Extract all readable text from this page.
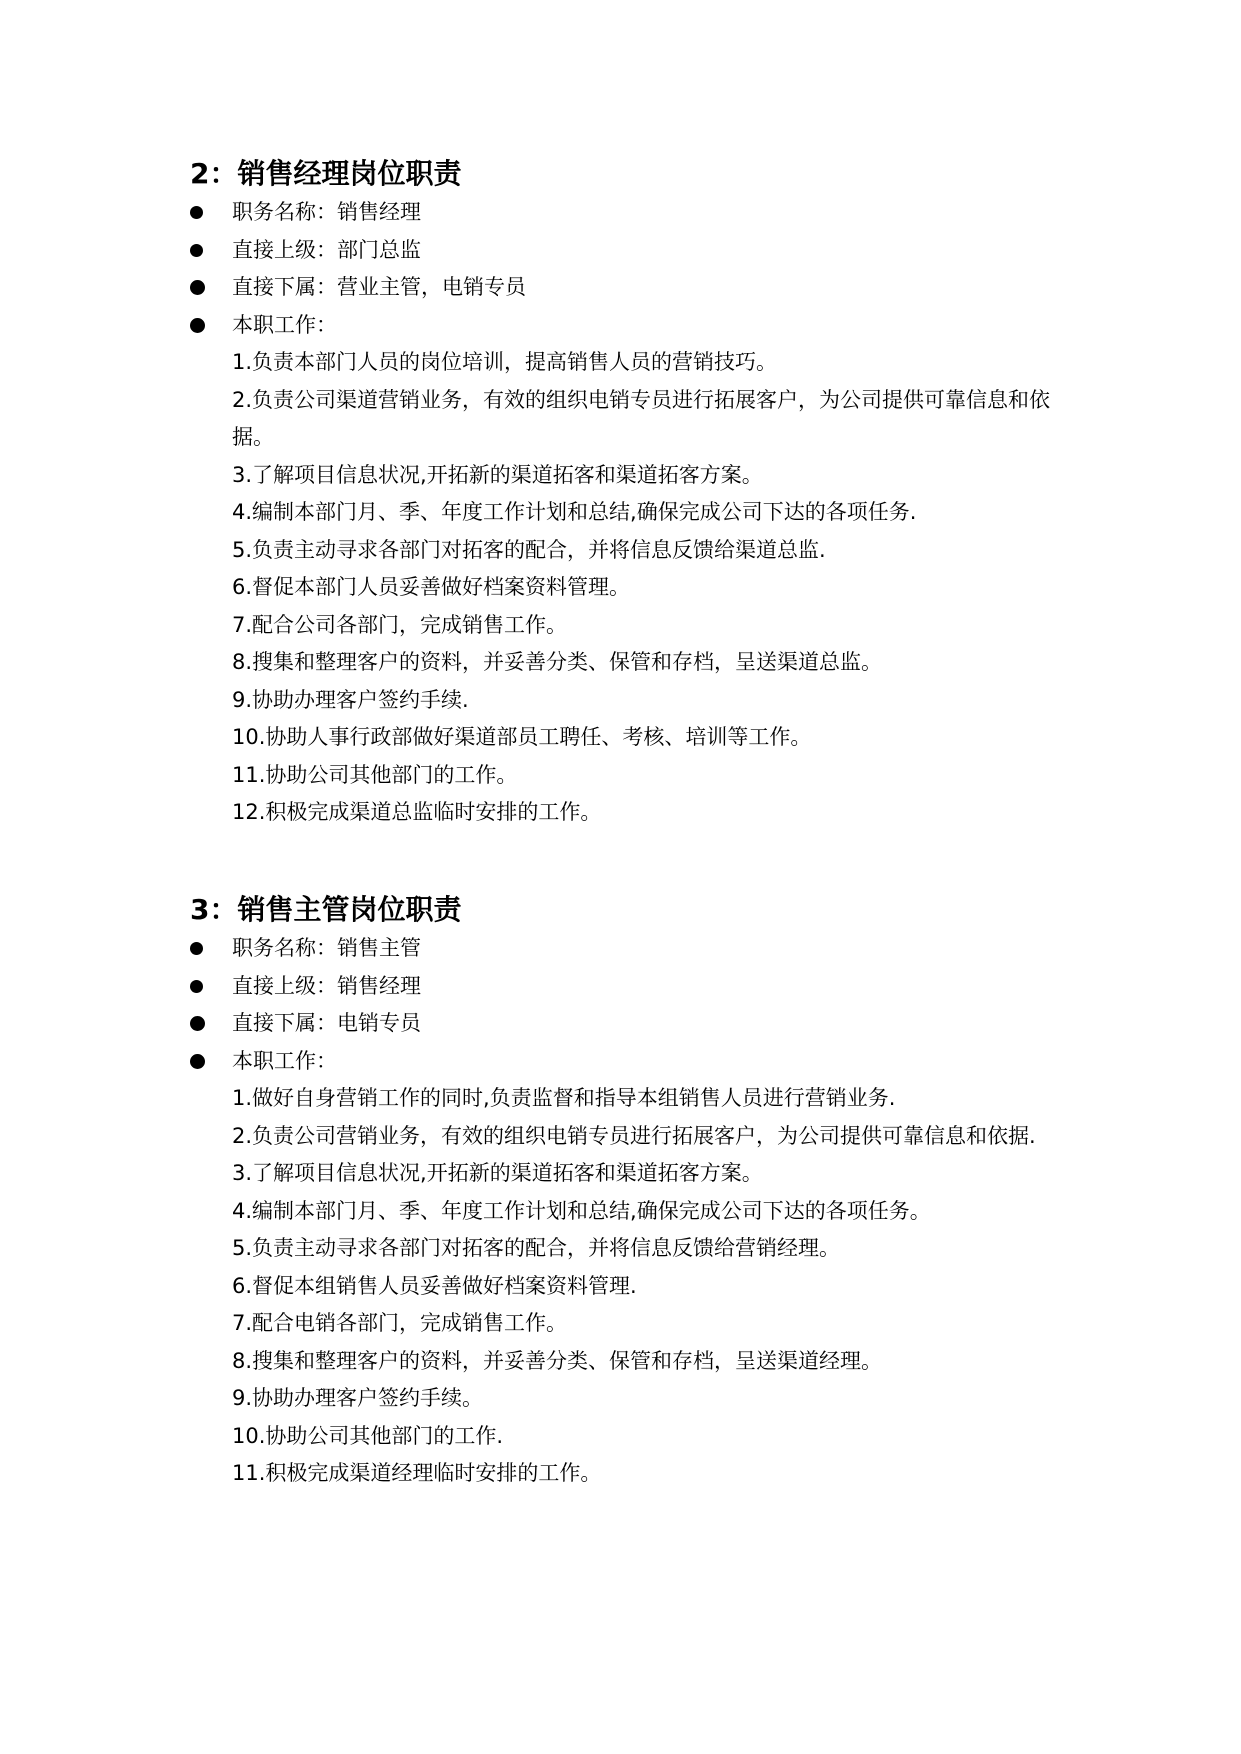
2：销售经理岗位职责
职务名称：销售经理
直接上级：部门总监
直接下属：营业主管，电销专员
本职工作：
1.负责本部门人员的岗位培训，提高销售人员的营销技巧。
2.负责公司渠道营销业务，有效的组织电销专员进行拓展客户，为公司提供可靠信息和依据。
3.了解项目信息状况,开拓新的渠道拓客和渠道拓客方案。
4.编制本部门月、季、年度工作计划和总结,确保完成公司下达的各项任务.
5.负责主动寻求各部门对拓客的配合，并将信息反馈给渠道总监.
6.督促本部门人员妥善做好档案资料管理。
7.配合公司各部门，完成销售工作。
8.搜集和整理客户的资料，并妥善分类、保管和存档，呈送渠道总监。
9.协助办理客户签约手续.
10.协助人事行政部做好渠道部员工聘任、考核、培训等工作。
11.协助公司其他部门的工作。
12.积极完成渠道总监临时安排的工作。
3：销售主管岗位职责
职务名称：销售主管
直接上级：销售经理
直接下属：电销专员
本职工作：
1.做好自身营销工作的同时,负责监督和指导本组销售人员进行营销业务.
2.负责公司营销业务，有效的组织电销专员进行拓展客户，为公司提供可靠信息和依据.
3.了解项目信息状况,开拓新的渠道拓客和渠道拓客方案。
4.编制本部门月、季、年度工作计划和总结,确保完成公司下达的各项任务。
5.负责主动寻求各部门对拓客的配合，并将信息反馈给营销经理。
6.督促本组销售人员妥善做好档案资料管理.
7.配合电销各部门，完成销售工作。
8.搜集和整理客户的资料，并妥善分类、保管和存档，呈送渠道经理。
9.协助办理客户签约手续。
10.协助公司其他部门的工作.
11.积极完成渠道经理临时安排的工作。
